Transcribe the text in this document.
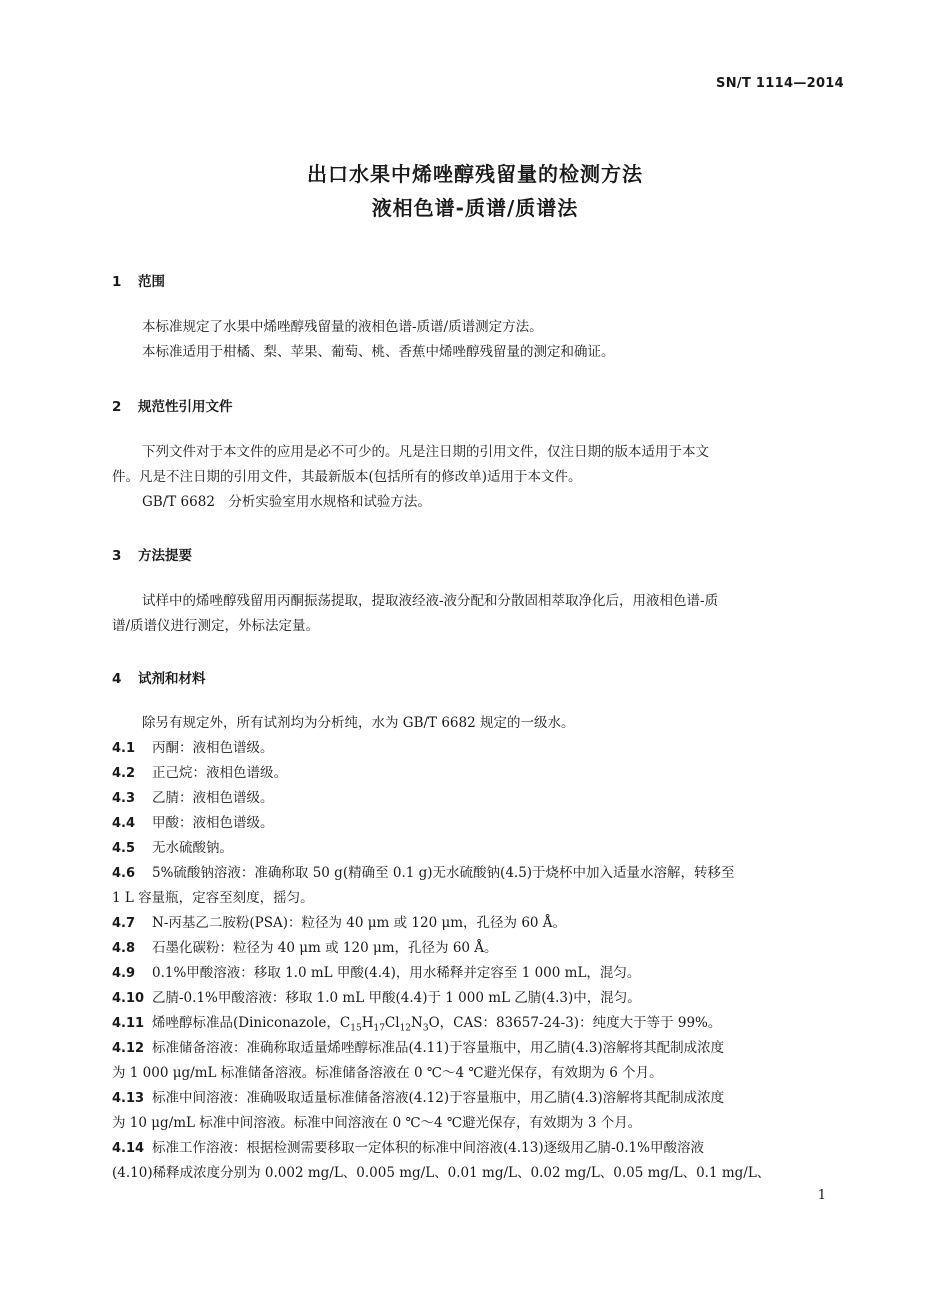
SN/T 1114—2014
出口水果中烯唑醇残留量的检测方法
液相色谱-质谱/质谱法
1 范围
本标准规定了水果中烯唑醇残留量的液相色谱-质谱/质谱测定方法。
本标准适用于柑橘、梨、苹果、葡萄、桃、香蕉中烯唑醇残留量的测定和确证。
2 规范性引用文件
下列文件对于本文件的应用是必不可少的。凡是注日期的引用文件，仅注日期的版本适用于本文
件。凡是不注日期的引用文件，其最新版本(包括所有的修改单)适用于本文件。
GB/T 6682　分析实验室用水规格和试验方法。
3 方法提要
试样中的烯唑醇残留用丙酮振荡提取，提取液经液-液分配和分散固相萃取净化后，用液相色谱-质
谱/质谱仪进行测定，外标法定量。
4 试剂和材料
除另有规定外，所有试剂均为分析纯，水为 GB/T 6682 规定的一级水。
4.1 丙酮：液相色谱级。
4.2 正己烷：液相色谱级。
4.3 乙腈：液相色谱级。
4.4 甲酸：液相色谱级。
4.5 无水硫酸钠。
4.6 5%硫酸钠溶液：准确称取 50 g(精确至 0.1 g)无水硫酸钠(4.5)于烧杯中加入适量水溶解，转移至
1 L 容量瓶，定容至刻度，摇匀。
4.7 N-丙基乙二胺粉(PSA)：粒径为 40 μm 或 120 μm，孔径为 60 Å。
4.8 石墨化碳粉：粒径为 40 μm 或 120 μm，孔径为 60 Å。
4.9 0.1%甲酸溶液：移取 1.0 mL 甲酸(4.4)，用水稀释并定容至 1 000 mL，混匀。
4.10 乙腈-0.1%甲酸溶液：移取 1.0 mL 甲酸(4.4)于 1 000 mL 乙腈(4.3)中，混匀。
4.11 烯唑醇标准品(Diniconazole，$C_{15}H_{17}Cl_{12}N_3O$，CAS：83657-24-3)：纯度大于等于 99%。
4.12 标准储备溶液：准确称取适量烯唑醇标准品(4.11)于容量瓶中，用乙腈(4.3)溶解将其配制成浓度
为 1 000 μg/mL 标准储备溶液。标准储备溶液在 0 ℃～4 ℃避光保存，有效期为 6 个月。
4.13 标准中间溶液：准确吸取适量标准储备溶液(4.12)于容量瓶中，用乙腈(4.3)溶解将其配制成浓度
为 10 μg/mL 标准中间溶液。标准中间溶液在 0 ℃～4 ℃避光保存，有效期为 3 个月。
4.14 标准工作溶液：根据检测需要移取一定体积的标准中间溶液(4.13)逐级用乙腈-0.1%甲酸溶液
(4.10)稀释成浓度分别为 0.002 mg/L、0.005 mg/L、0.01 mg/L、0.02 mg/L、0.05 mg/L、0.1 mg/L、
1
